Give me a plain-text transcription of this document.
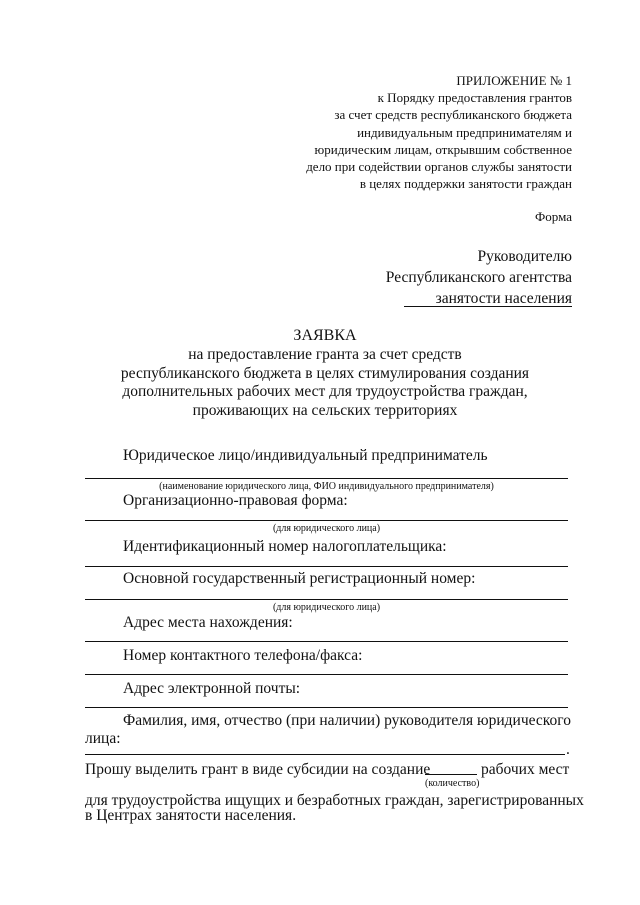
ПРИЛОЖЕНИЕ № 1
к Порядку предоставления грантов
за счет средств республиканского бюджета
индивидуальным предпринимателям и
юридическим лицам, открывшим собственное
дело при содействии органов службы занятости
в целях поддержки занятости граждан
Форма
Руководителю
Республиканского агентства
занятости населения
ЗАЯВКА
на предоставление гранта за счет средств
республиканского бюджета в целях стимулирования создания
дополнительных рабочих мест для трудоустройства граждан,
проживающих на сельских территориях
Юридическое лицо/индивидуальный предприниматель
(наименование юридического лица, ФИО индивидуального предпринимателя)
Организационно-правовая форма:
(для юридического лица)
Идентификационный номер налогоплательщика:
Основной государственный регистрационный номер:
(для юридического лица)
Адрес места нахождения:
Номер контактного телефона/факса:
Адрес электронной почты:
Фамилия, имя, отчество (при наличии) руководителя юридического
лица:
.
Прошу выделить грант в виде субсидии на создание	рабочих мест
(количество)
для трудоустройства ищущих и безработных граждан, зарегистрированных
в Центрах занятости населения.
